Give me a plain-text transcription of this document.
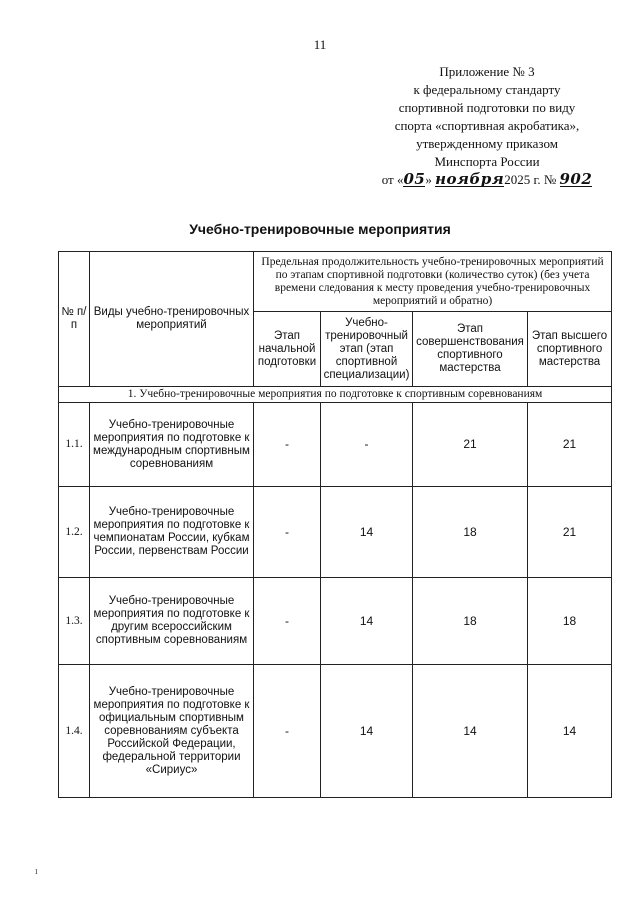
11
Приложение № 3
к федеральному стандарту
спортивной подготовки по виду
спорта «спортивная акробатика»,
утвержденному приказом
Минспорта России
от «05» ноября2025 г. № 902
Учебно-тренировочные мероприятия
№ п/п	Виды учебно-тренировочных мероприятий	Предельная продолжительность учебно-тренировочных мероприятий по этапам спортивной подготовки (количество суток) (без учета времени следования к месту проведения учебно-тренировочных мероприятий и обратно)			
		Этап начальной подготовки	Учебно-тренировочный этап (этап спортивной специализации)	Этап совершенствования спортивного мастерства	Этап высшего спортивного мастерства
1. Учебно-тренировочные мероприятия по подготовке к спортивным соревнованиям					
1.1.	Учебно-тренировочные мероприятия по подготовке к международным спортивным соревнованиям	-	-	21	21
1.2.	Учебно-тренировочные мероприятия по подготовке к чемпионатам России, кубкам России, первенствам России	-	14	18	21
1.3.	Учебно-тренировочные мероприятия по подготовке к другим всероссийским спортивным соревнованиям	-	14	18	18
1.4.	Учебно-тренировочные мероприятия по подготовке к официальным спортивным соревнованиям субъекта Российской Федерации, федеральной территории «Сириус»	-	14	14	14
ı
